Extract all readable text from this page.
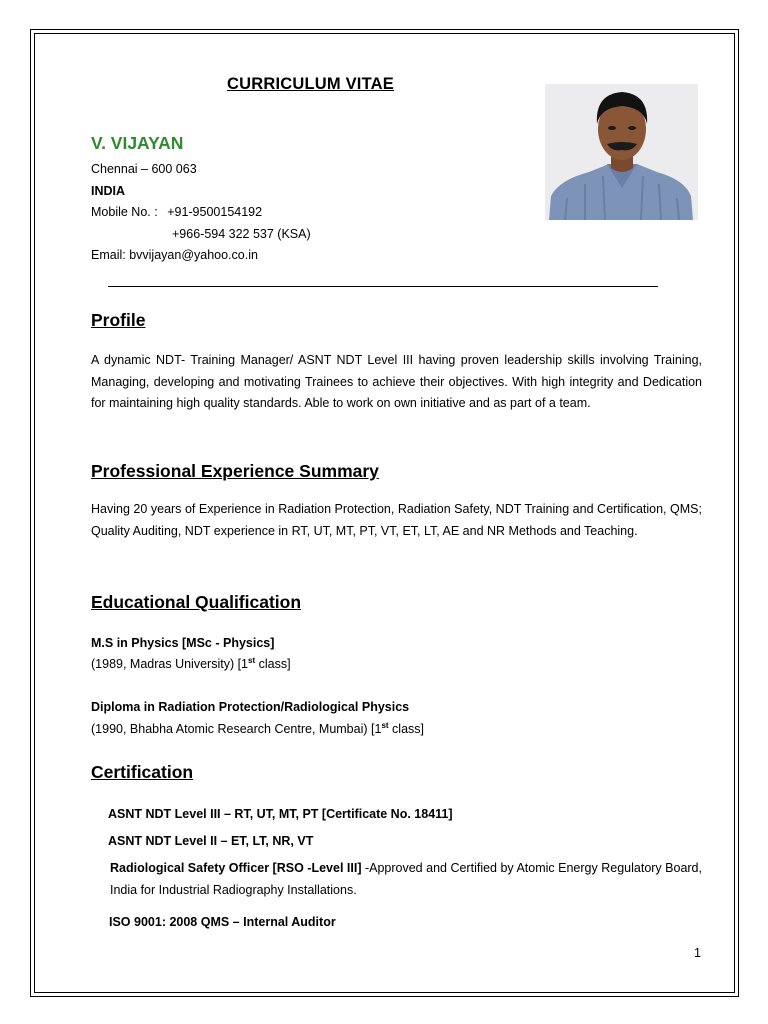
CURRICULUM VITAE
V. VIJAYAN
Chennai – 600 063
INDIA
Mobile No. : +91-9500154192
+966-594 322 537 (KSA)
Email: bvvijayan@yahoo.co.in
Profile
A dynamic NDT- Training Manager/ ASNT NDT Level III having proven leadership skills involving Training, Managing, developing and motivating Trainees to achieve their objectives. With high integrity and Dedication for maintaining high quality standards. Able to work on own initiative and as part of a team.
Professional Experience Summary
Having 20 years of Experience in Radiation Protection, Radiation Safety, NDT Training and Certification, QMS; Quality Auditing, NDT experience in RT, UT, MT, PT, VT, ET, LT, AE and NR Methods and Teaching.
Educational Qualification
M.S in Physics [MSc - Physics]
(1989, Madras University) [1st class]
Diploma in Radiation Protection/Radiological Physics
(1990, Bhabha Atomic Research Centre, Mumbai) [1st class]
Certification
ASNT NDT Level III – RT, UT, MT, PT [Certificate No. 18411]
ASNT NDT Level II – ET, LT, NR, VT
Radiological Safety Officer [RSO -Level III] -Approved and Certified by Atomic Energy Regulatory Board, India for Industrial Radiography Installations.
ISO 9001: 2008 QMS – Internal Auditor
1
